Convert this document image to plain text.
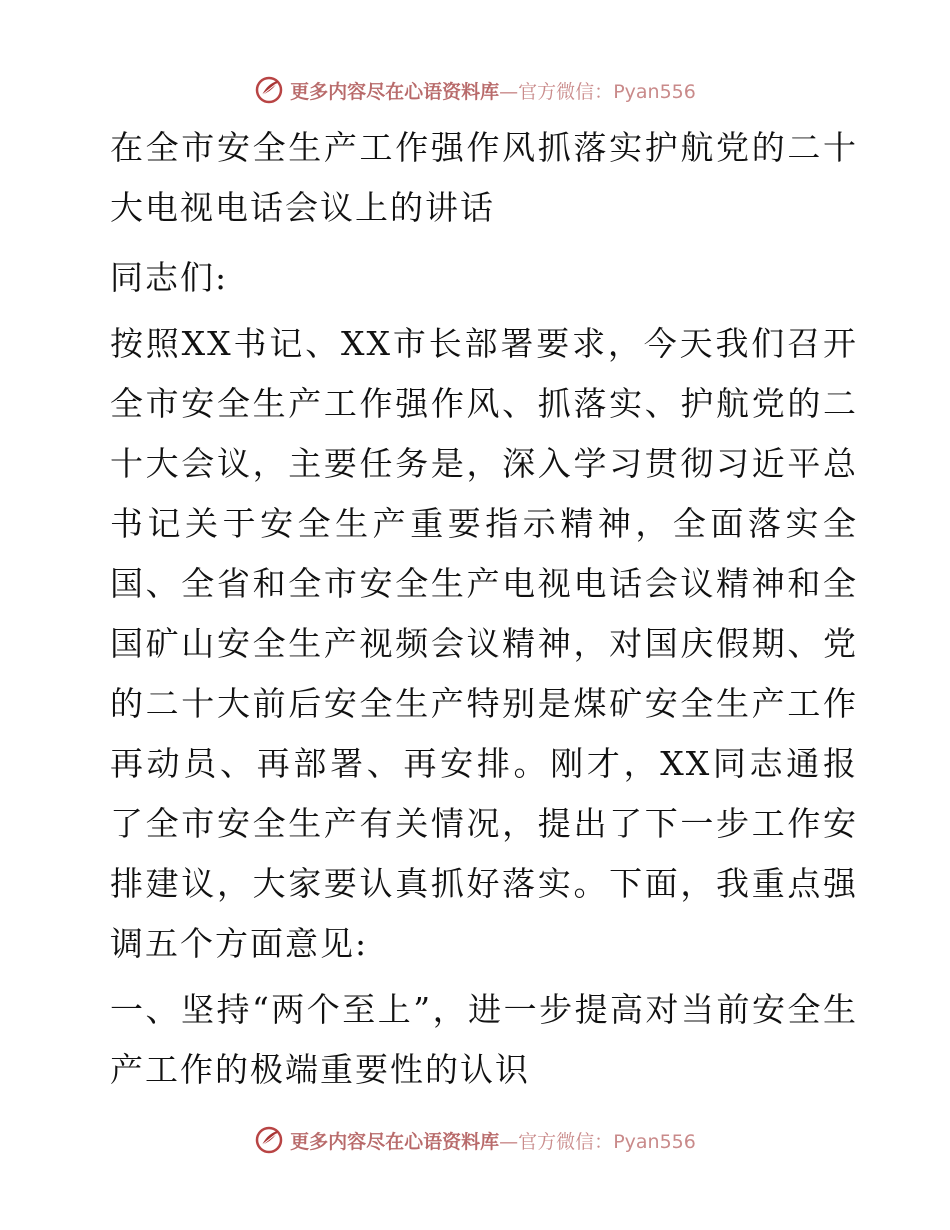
更多内容尽在心语资料库—官方微信：Pyan556

在全市安全生产工作强作风抓落实护航党的二十大电视电话会议上的讲话

同志们:

按照XX书记、XX市长部署要求，今天我们召开全市安全生产工作强作风、抓落实、护航党的二十大会议，主要任务是，深入学习贯彻习近平总书记关于安全生产重要指示精神，全面落实全国、全省和全市安全生产电视电话会议精神和全国矿山安全生产视频会议精神，对国庆假期、党的二十大前后安全生产特别是煤矿安全生产工作再动员、再部署、再安排。刚才，XX同志通报了全市安全生产有关情况，提出了下一步工作安排建议，大家要认真抓好落实。下面，我重点强调五个方面意见:

一、坚持“两个至上”，进一步提高对当前安全生产工作的极端重要性的认识

更多内容尽在心语资料库—官方微信：Pyan556
